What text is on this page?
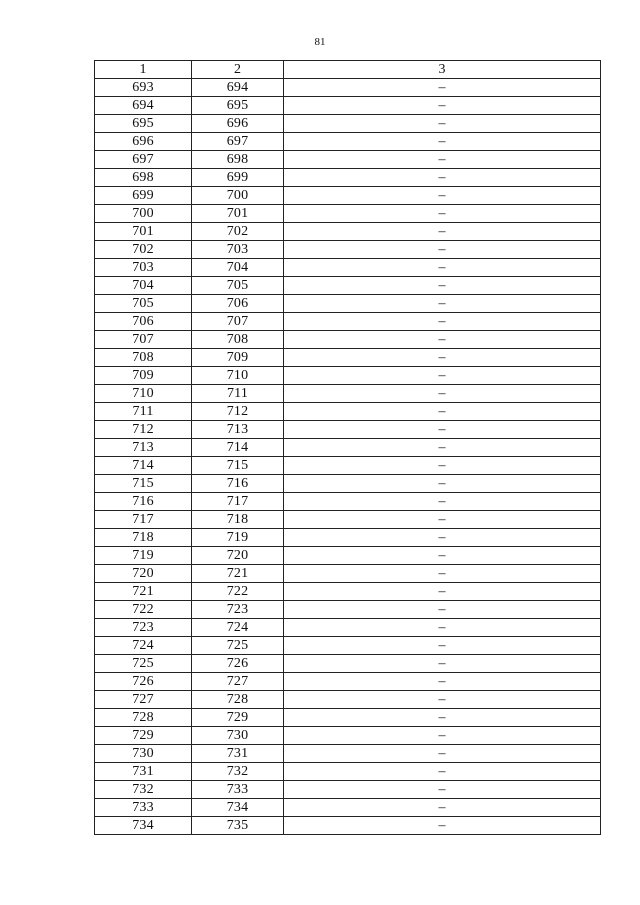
81
1	2	3
693	694	–
694	695	–
695	696	–
696	697	–
697	698	–
698	699	–
699	700	–
700	701	–
701	702	–
702	703	–
703	704	–
704	705	–
705	706	–
706	707	–
707	708	–
708	709	–
709	710	–
710	711	–
711	712	–
712	713	–
713	714	–
714	715	–
715	716	–
716	717	–
717	718	–
718	719	–
719	720	–
720	721	–
721	722	–
722	723	–
723	724	–
724	725	–
725	726	–
726	727	–
727	728	–
728	729	–
729	730	–
730	731	–
731	732	–
732	733	–
733	734	–
734	735	–
